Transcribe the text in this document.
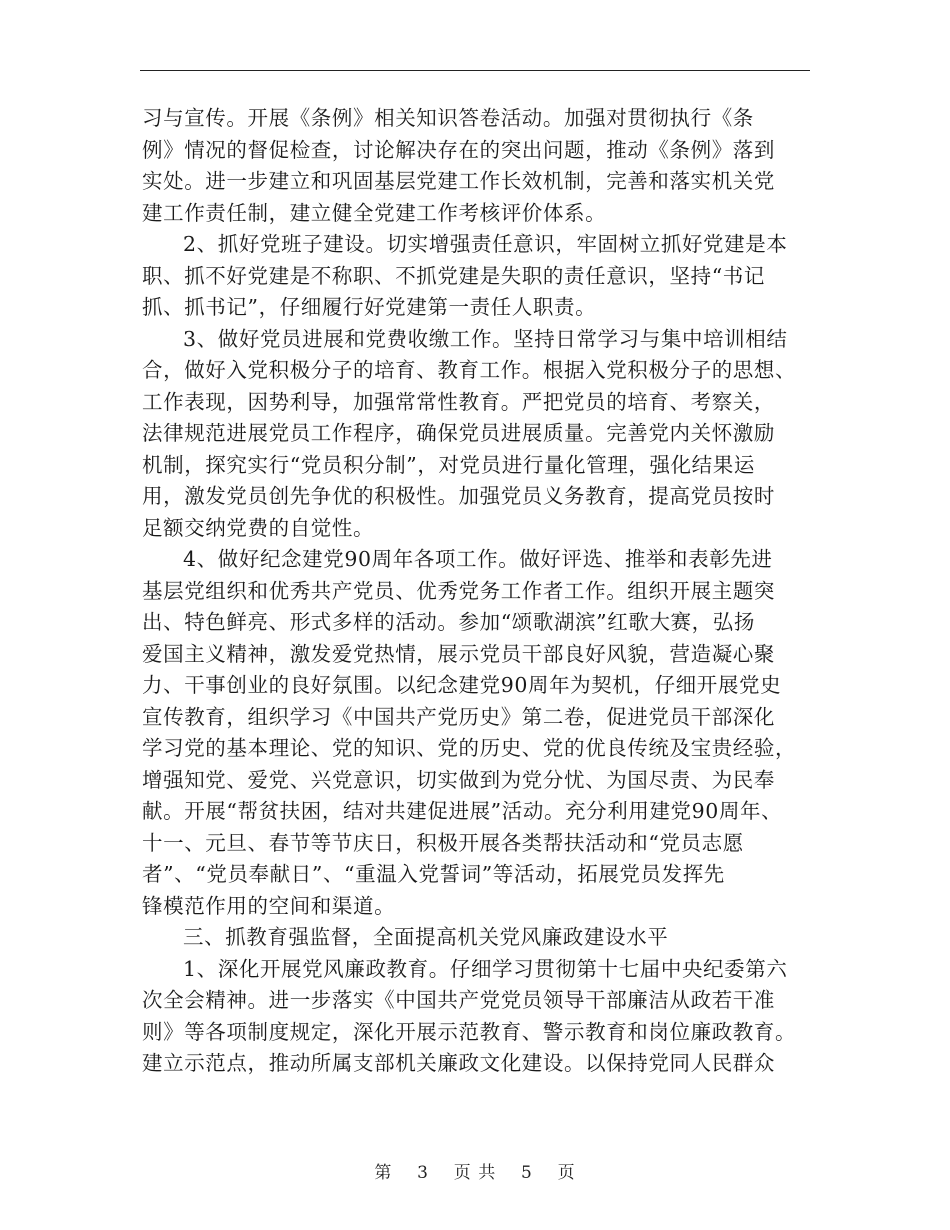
习与宣传。开展《条例》相关知识答卷活动。加强对贯彻执行《条
例》情况的督促检查，讨论解决存在的突出问题，推动《条例》落到
实处。进一步建立和巩固基层党建工作长效机制，完善和落实机关党
建工作责任制，建立健全党建工作考核评价体系。
2、抓好党班子建设。切实增强责任意识，牢固树立抓好党建是本
职、抓不好党建是不称职、不抓党建是失职的责任意识，坚持“书记
抓、抓书记”，仔细履行好党建第一责任人职责。
3、做好党员进展和党费收缴工作。坚持日常学习与集中培训相结
合，做好入党积极分子的培育、教育工作。根据入党积极分子的思想、
工作表现，因势利导，加强常常性教育。严把党员的培育、考察关，
法律规范进展党员工作程序，确保党员进展质量。完善党内关怀激励
机制，探究实行“党员积分制”，对党员进行量化管理，强化结果运
用，激发党员创先争优的积极性。加强党员义务教育，提高党员按时
足额交纳党费的自觉性。
4、做好纪念建党90周年各项工作。做好评选、推举和表彰先进
基层党组织和优秀共产党员、优秀党务工作者工作。组织开展主题突
出、特色鲜亮、形式多样的活动。参加“颂歌湖滨”红歌大赛，弘扬
爱国主义精神，激发爱党热情，展示党员干部良好风貌，营造凝心聚
力、干事创业的良好氛围。以纪念建党90周年为契机，仔细开展党史
宣传教育，组织学习《中国共产党历史》第二卷，促进党员干部深化
学习党的基本理论、党的知识、党的历史、党的优良传统及宝贵经验，
增强知党、爱党、兴党意识，切实做到为党分忧、为国尽责、为民奉
献。开展“帮贫扶困，结对共建促进展”活动。充分利用建党90周年、
十一、元旦、春节等节庆日，积极开展各类帮扶活动和“党员志愿
者”、“党员奉献日”、“重温入党誓词”等活动，拓展党员发挥先
锋模范作用的空间和渠道。
三、抓教育强监督，全面提高机关党风廉政建设水平
1、深化开展党风廉政教育。仔细学习贯彻第十七届中央纪委第六
次全会精神。进一步落实《中国共产党党员领导干部廉洁从政若干准
则》等各项制度规定，深化开展示范教育、警示教育和岗位廉政教育。
建立示范点，推动所属支部机关廉政文化建设。以保持党同人民群众
第 3 页 共 5 页
